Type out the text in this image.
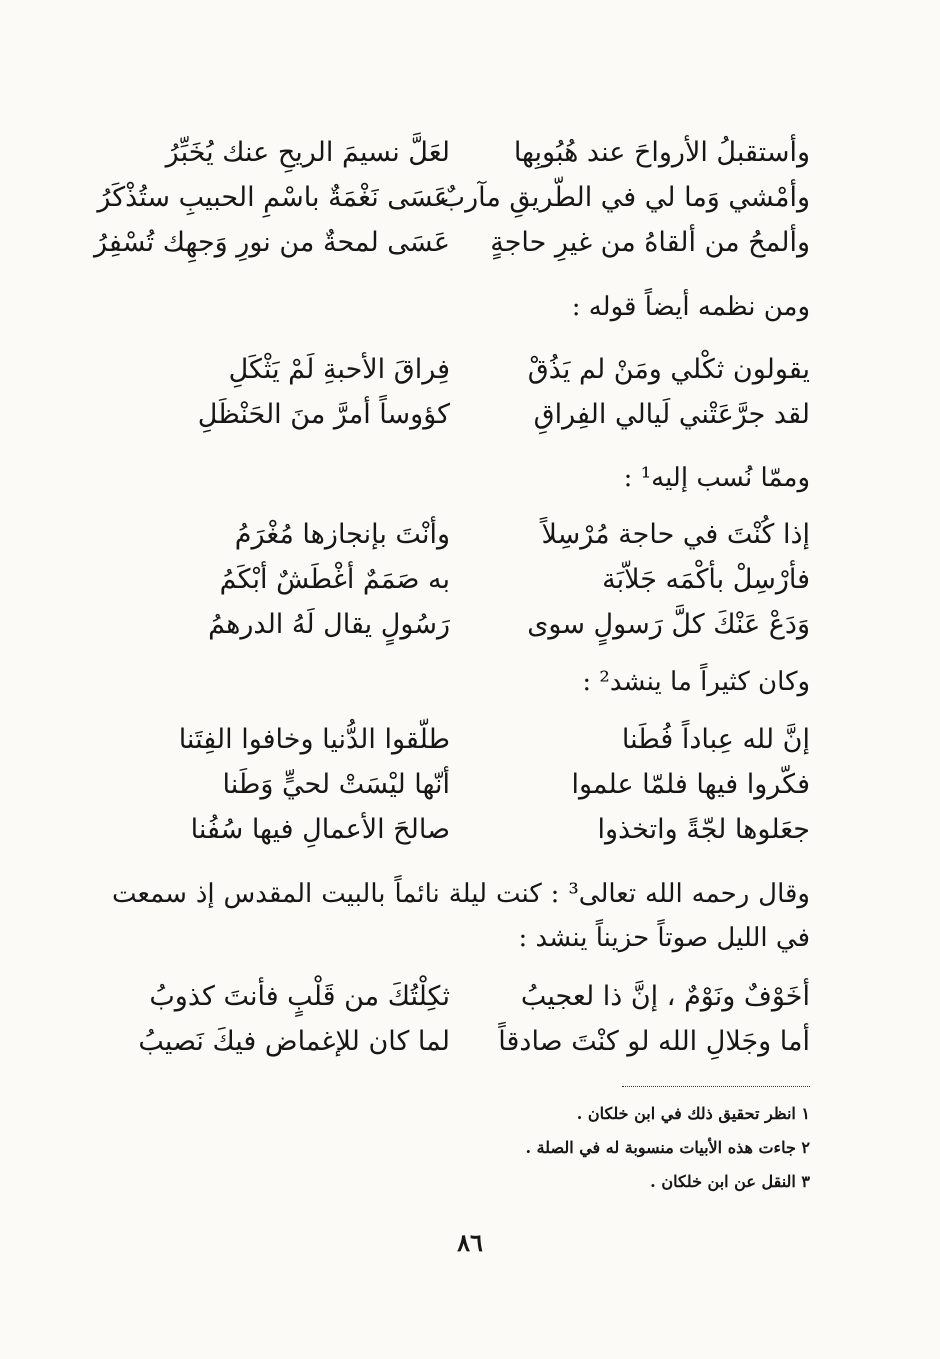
وأستقبلُ الأرواحَ عند هُبُوبِها
لعَلَّ نسيمَ الريحِ عنك يُخَبِّرُ
وأمْشي وَما لي في الطّريقِ مآربٌ
عَسَى نَغْمَةٌ باسْمِ الحبيبِ ستُذْكَرُ
وألمحُ من ألقاهُ من غيرِ حاجةٍ
عَسَى لمحةٌ من نورِ وَجهِك تُسْفِرُ
ومن نظمه أيضاً قوله :
يقولون ثكْلي ومَنْ لم يَذُقْ
فِراقَ الأحبةِ لَمْ يَثْكَلِ
لقد جرَّعَتْني لَيالي الفِراقِ
كؤوساً أمرَّ منَ الحَنْظَلِ
وممّا نُسب إليه¹ :
إذا كُنْتَ في حاجة مُرْسِلاً
وأنْتَ بإنجازها مُغْرَمُ
فأرْسِلْ بأكْمَه جَلاّبَة
به صَمَمٌ أغْطَشٌ أبْكَمُ
وَدَعْ عَنْكَ كلَّ رَسولٍ سوى
رَسُولٍ يقال لَهُ الدرهمُ
وكان كثيراً ما ينشد² :
إنَّ لله عِباداً فُطَنا
طلّقوا الدُّنيا وخافوا الفِتَنا
فكّروا فيها فلمّا علموا
أنّها ليْسَتْ لحيٍّ وَطَنا
جعَلوها لجّةً واتخذوا
صالحَ الأعمالِ فيها سُفُنا
وقال رحمه الله تعالى³ : كنت ليلة نائماً بالبيت المقدس إذ سمعت في الليل صوتاً حزيناً ينشد :
أخَوْفٌ ونَوْمٌ ، إنَّ ذا لعجيبُ
ثكِلْتُكَ من قَلْبٍ فأنتَ كذوبُ
أما وجَلالِ الله لو كنْتَ صادقاً
لما كان للإغماض فيكَ نَصيبُ
١ انظر تحقيق ذلك في ابن خلكان .
٢ جاءت هذه الأبيات منسوبة له في الصلة .
٣ النقل عن ابن خلكان .
٨٦
